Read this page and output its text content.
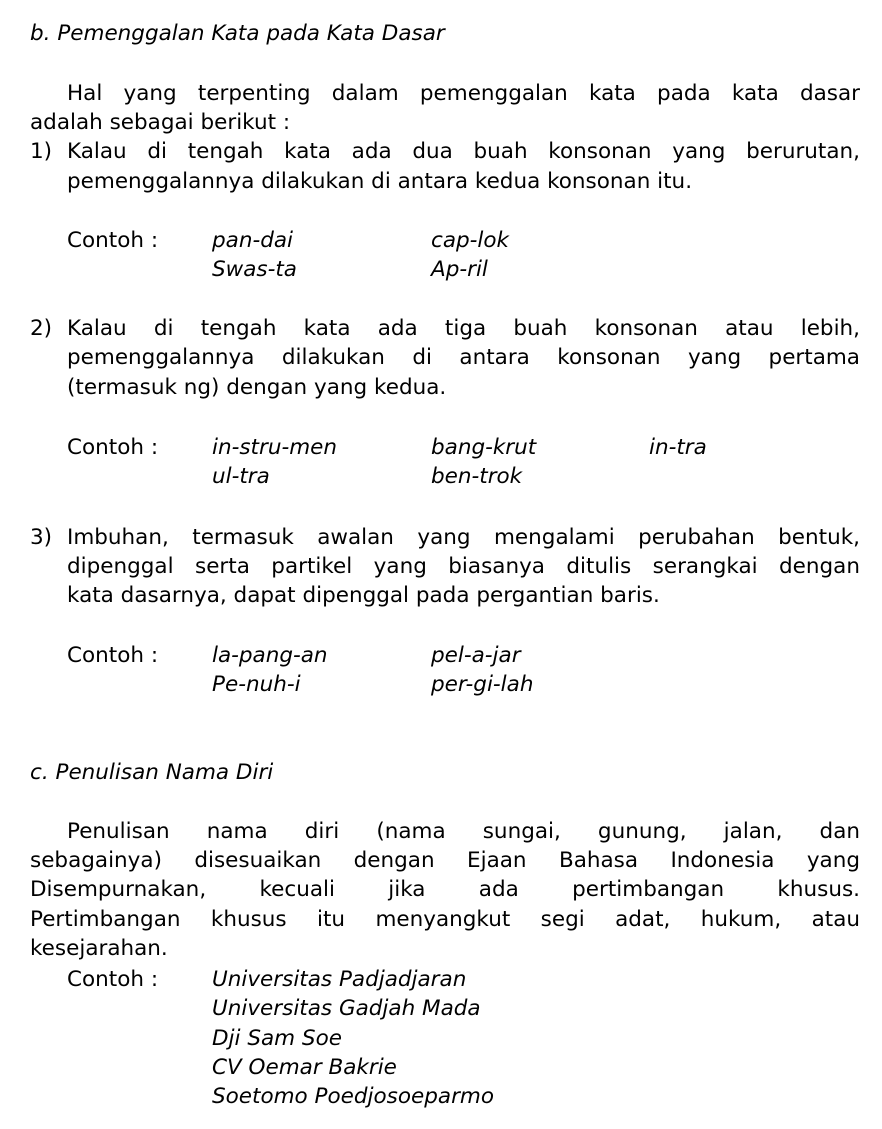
b. Pemenggalan Kata pada Kata Dasar
Hal yang terpenting dalam pemenggalan kata pada kata dasar
adalah sebagai berikut :
1) Kalau di tengah kata ada dua buah konsonan yang berurutan,
pemenggalannya dilakukan di antara kedua konsonan itu.
Contoh :	pan-dai	cap-lok
Swas-ta	Ap-ril
2) Kalau di tengah kata ada tiga buah konsonan atau lebih,
pemenggalannya dilakukan di antara konsonan yang pertama
(termasuk ng) dengan yang kedua.
Contoh :	in-stru-men	bang-krut	in-tra
ul-tra	ben-trok
3) Imbuhan, termasuk awalan yang mengalami perubahan bentuk,
dipenggal serta partikel yang biasanya ditulis serangkai dengan
kata dasarnya, dapat dipenggal pada pergantian baris.
Contoh :	la-pang-an	pel-a-jar
Pe-nuh-i	per-gi-lah
c. Penulisan Nama Diri
Penulisan nama diri (nama sungai, gunung, jalan, dan
sebagainya) disesuaikan dengan Ejaan Bahasa Indonesia yang
Disempurnakan, kecuali jika ada pertimbangan khusus.
Pertimbangan khusus itu menyangkut segi adat, hukum, atau
kesejarahan.
Contoh :	Universitas Padjadjaran
Universitas Gadjah Mada
Dji Sam Soe
CV Oemar Bakrie
Soetomo Poedjosoeparmo
